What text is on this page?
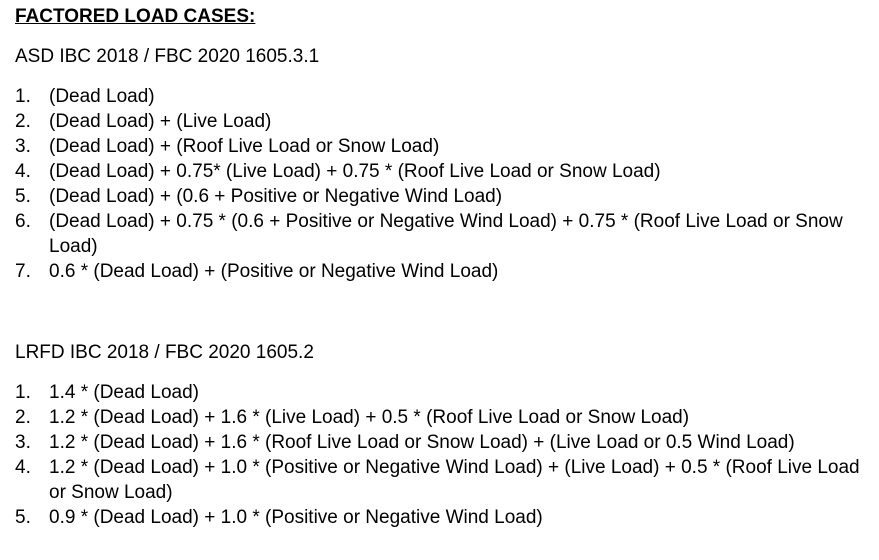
FACTORED LOAD CASES:

ASD IBC 2018 / FBC 2020 1605.3.1

1. (Dead Load)
2. (Dead Load) + (Live Load)
3. (Dead Load) + (Roof Live Load or Snow Load)
4. (Dead Load) + 0.75* (Live Load) + 0.75 * (Roof Live Load or Snow Load)
5. (Dead Load) + (0.6 + Positive or Negative Wind Load)
6. (Dead Load) + 0.75 * (0.6 + Positive or Negative Wind Load) + 0.75 * (Roof Live Load or Snow Load)
7. 0.6 * (Dead Load) + (Positive or Negative Wind Load)

LRFD IBC 2018 / FBC 2020 1605.2

1. 1.4 * (Dead Load)
2. 1.2 * (Dead Load) + 1.6 * (Live Load) + 0.5 * (Roof Live Load or Snow Load)
3. 1.2 * (Dead Load) + 1.6 * (Roof Live Load or Snow Load) + (Live Load or 0.5 Wind Load)
4. 1.2 * (Dead Load) + 1.0 * (Positive or Negative Wind Load) + (Live Load) + 0.5 * (Roof Live Load or Snow Load)
5. 0.9 * (Dead Load) + 1.0 * (Positive or Negative Wind Load)
